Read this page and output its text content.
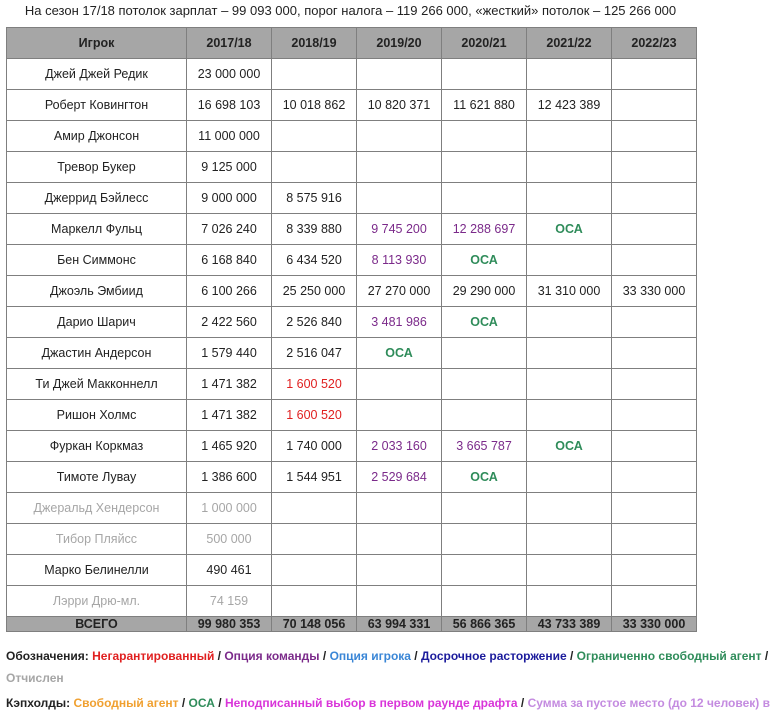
На сезон 17/18 потолок зарплат – 99 093 000, порог налога – 119 266 000, «жесткий» потолок – 125 266 000
Игрок	2017/18	2018/19	2019/20	2020/21	2021/22	2022/23
Джей Джей Редик	23 000 000					
Роберт Ковингтон	16 698 103	10 018 862	10 820 371	11 621 880	12 423 389	
Амир Джонсон	11 000 000					
Тревор Букер	9 125 000					
Джеррид Бэйлесс	9 000 000	8 575 916				
Маркелл Фульц	7 026 240	8 339 880	9 745 200	12 288 697	ОСА	
Бен Симмонс	6 168 840	6 434 520	8 113 930	ОСА		
Джоэль Эмбиид	6 100 266	25 250 000	27 270 000	29 290 000	31 310 000	33 330 000
Дарио Шарич	2 422 560	2 526 840	3 481 986	ОСА		
Джастин Андерсон	1 579 440	2 516 047	ОСА			
Ти Джей Макконнелл	1 471 382	1 600 520				
Ришон Холмс	1 471 382	1 600 520				
Фуркан Коркмаз	1 465 920	1 740 000	2 033 160	3 665 787	ОСА	
Тимоте Лувау	1 386 600	1 544 951	2 529 684	ОСА		
Джеральд Хендерсон	1 000 000					
Тибор Пляйсс	500 000					
Марко Белинелли	490 461					
Лэрри Дрю-мл.	74 159					
ВСЕГО	99 980 353	70 148 056	63 994 331	56 866 365	43 733 389	33 330 000
Обозначения: Негарантированный / Опция команды / Опция игрока / Досрочное расторжение / Ограниченно свободный агент /
Отчислен
Кэпхолды: Свободный агент / ОСА / Неподписанный выбор в первом раунде драфта / Сумма за пустое место (до 12 человек) в
